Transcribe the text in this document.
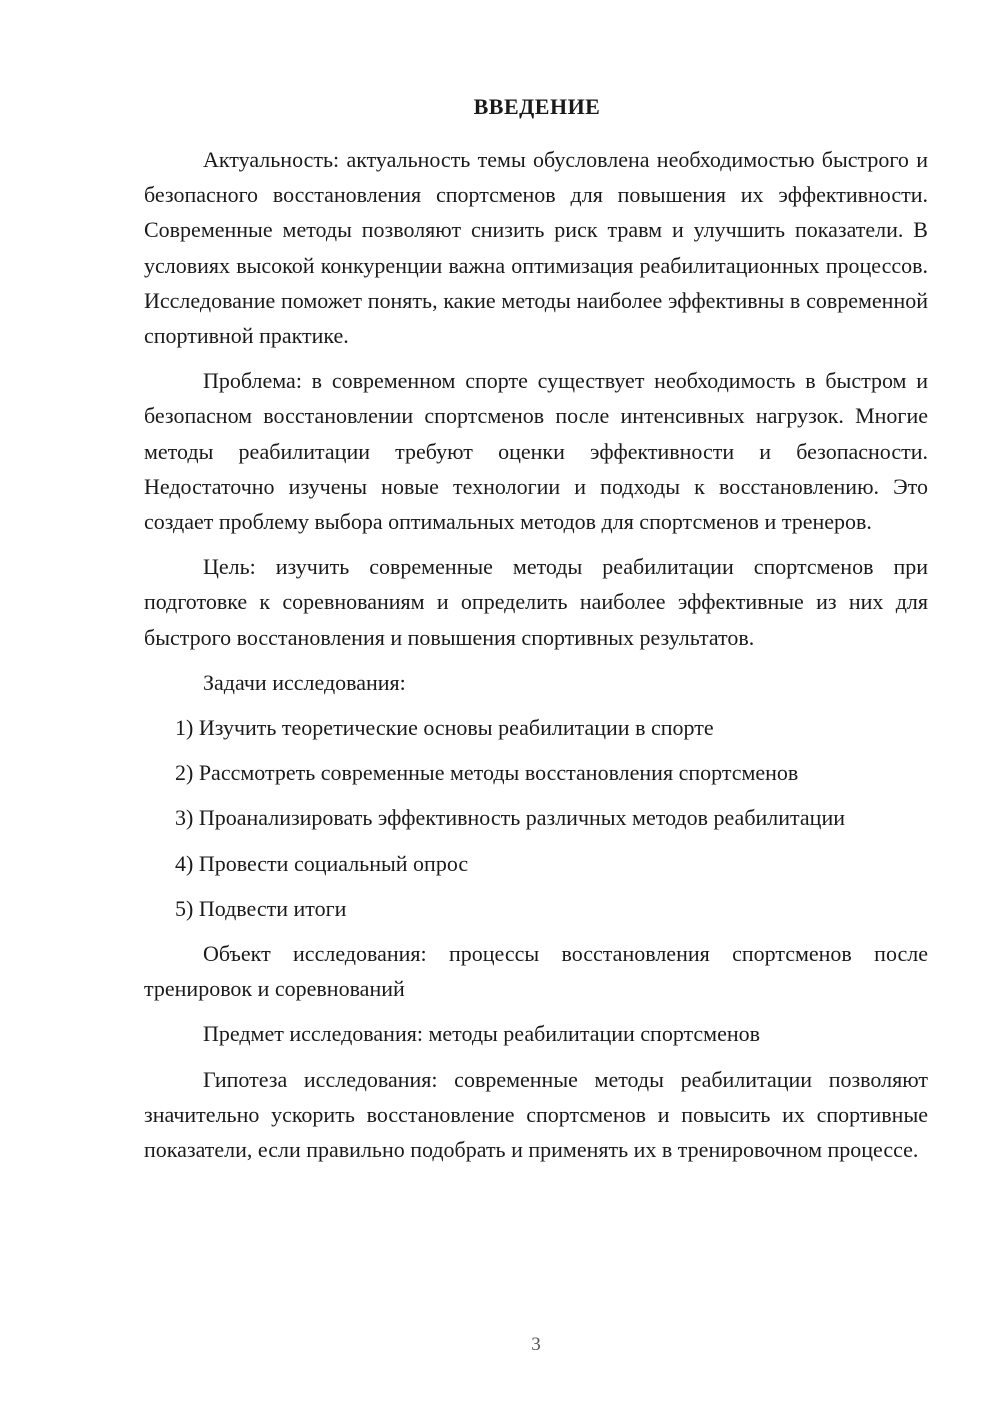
ВВЕДЕНИЕ

Актуальность: актуальность темы обусловлена необходимостью быстрого и безопасного восстановления спортсменов для повышения их эффективности. Современные методы позволяют снизить риск травм и улучшить показатели. В условиях высокой конкуренции важна оптимизация реабилитационных процессов. Исследование поможет понять, какие методы наиболее эффективны в современной спортивной практике.

Проблема: в современном спорте существует необходимость в быстром и безопасном восстановлении спортсменов после интенсивных нагрузок. Многие методы реабилитации требуют оценки эффективности и безопасности. Недостаточно изучены новые технологии и подходы к восстановлению. Это создает проблему выбора оптимальных методов для спортсменов и тренеров.

Цель: изучить современные методы реабилитации спортсменов при подготовке к соревнованиям и определить наиболее эффективные из них для быстрого восстановления и повышения спортивных результатов.

Задачи исследования:

1) Изучить теоретические основы реабилитации в спорте

2) Рассмотреть современные методы восстановления спортсменов

3) Проанализировать эффективность различных методов реабилитации

4) Провести социальный опрос

5) Подвести итоги

Объект исследования: процессы восстановления спортсменов после тренировок и соревнований

Предмет исследования: методы реабилитации спортсменов

Гипотеза исследования: современные методы реабилитации позволяют значительно ускорить восстановление спортсменов и повысить их спортивные показатели, если правильно подобрать и применять их в тренировочном процессе.

3
